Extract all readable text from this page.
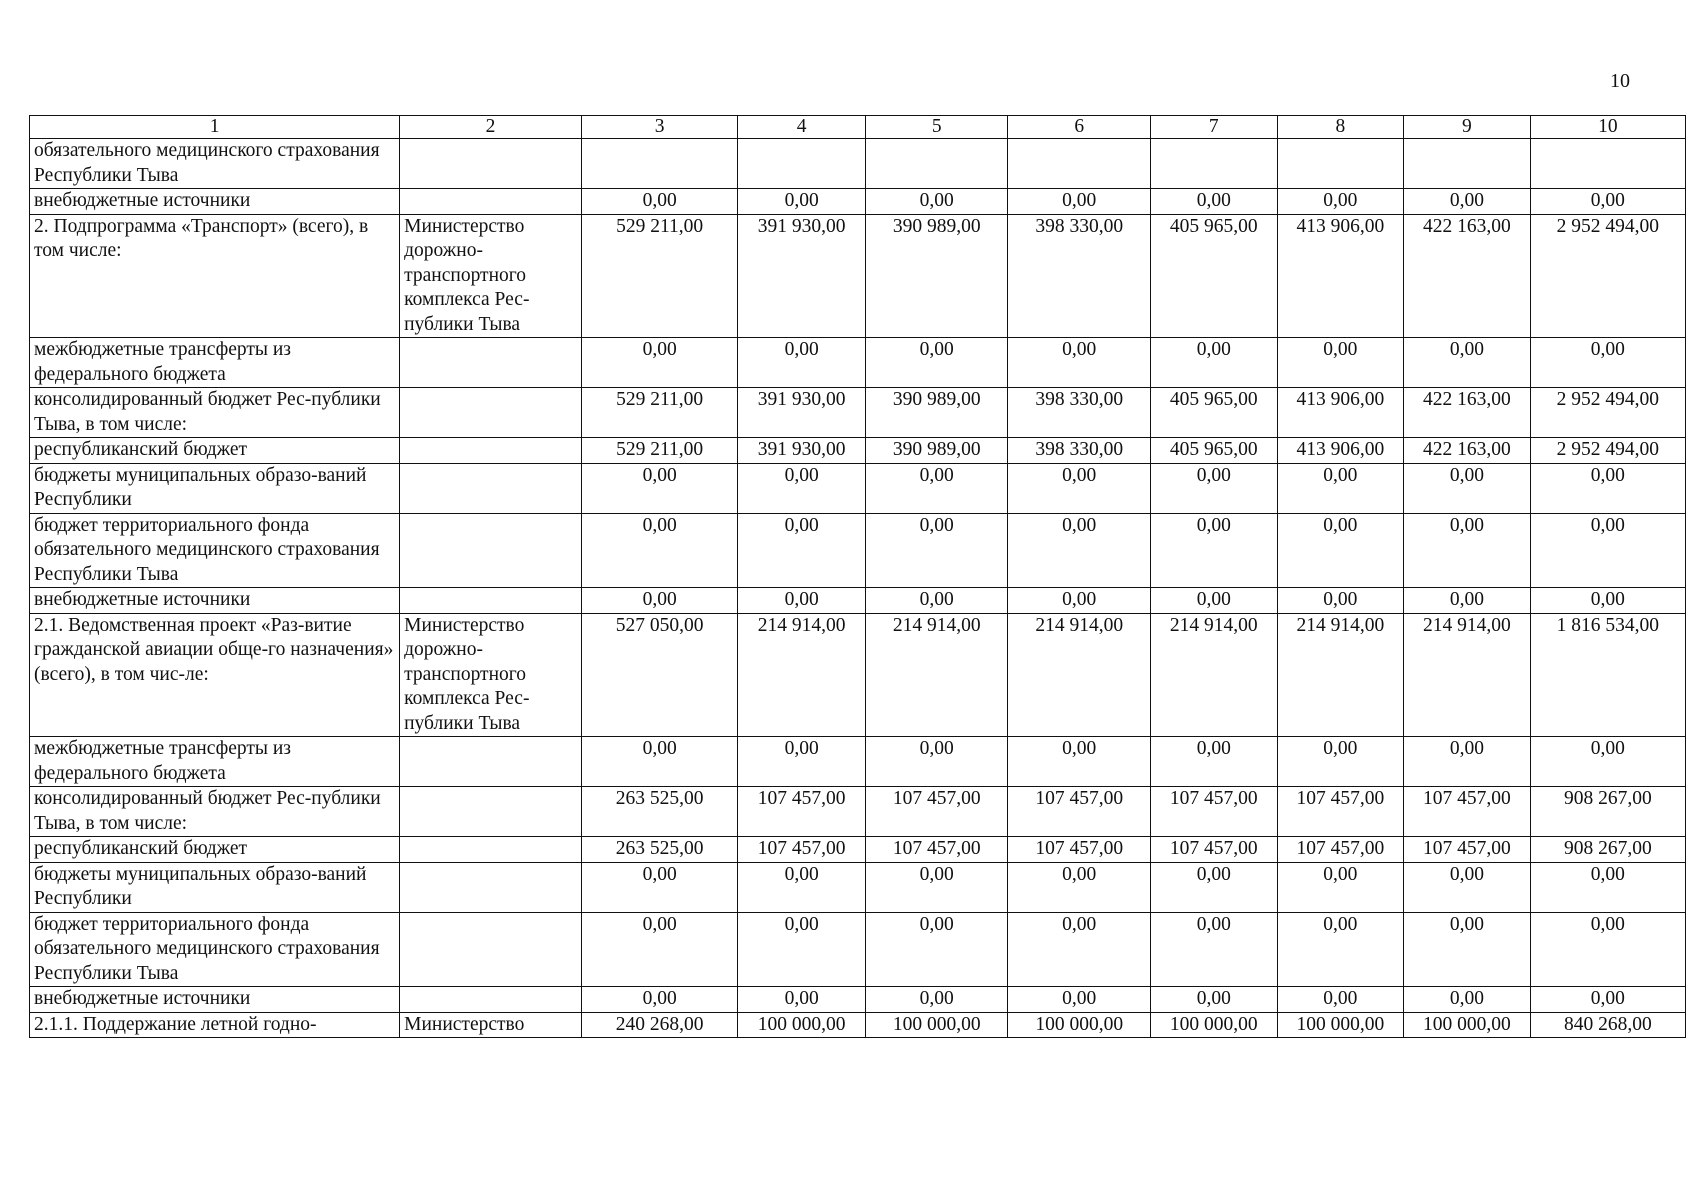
10
1	2	3	4	5	6	7	8	9	10
обязательного медицинского страхования Республики Тыва									
внебюджетные источники		0,00	0,00	0,00	0,00	0,00	0,00	0,00	0,00
2. Подпрограмма «Транспорт» (всего), в том числе:	Министерство дорожно-транспортного комплекса Рес-публики Тыва	529 211,00	391 930,00	390 989,00	398 330,00	405 965,00	413 906,00	422 163,00	2 952 494,00
межбюджетные трансферты из федерального бюджета		0,00	0,00	0,00	0,00	0,00	0,00	0,00	0,00
консолидированный бюджет Рес-публики Тыва, в том числе:		529 211,00	391 930,00	390 989,00	398 330,00	405 965,00	413 906,00	422 163,00	2 952 494,00
республиканский бюджет		529 211,00	391 930,00	390 989,00	398 330,00	405 965,00	413 906,00	422 163,00	2 952 494,00
бюджеты муниципальных образо-ваний Республики		0,00	0,00	0,00	0,00	0,00	0,00	0,00	0,00
бюджет территориального фонда обязательного медицинского страхования Республики Тыва		0,00	0,00	0,00	0,00	0,00	0,00	0,00	0,00
внебюджетные источники		0,00	0,00	0,00	0,00	0,00	0,00	0,00	0,00
2.1. Ведомственная проект «Раз-витие гражданской авиации обще-го назначения» (всего), в том чис-ле:	Министерство дорожно-транспортного комплекса Рес-публики Тыва	527 050,00	214 914,00	214 914,00	214 914,00	214 914,00	214 914,00	214 914,00	1 816 534,00
межбюджетные трансферты из федерального бюджета		0,00	0,00	0,00	0,00	0,00	0,00	0,00	0,00
консолидированный бюджет Рес-публики Тыва, в том числе:		263 525,00	107 457,00	107 457,00	107 457,00	107 457,00	107 457,00	107 457,00	908 267,00
республиканский бюджет		263 525,00	107 457,00	107 457,00	107 457,00	107 457,00	107 457,00	107 457,00	908 267,00
бюджеты муниципальных образо-ваний Республики		0,00	0,00	0,00	0,00	0,00	0,00	0,00	0,00
бюджет территориального фонда обязательного медицинского страхования Республики Тыва		0,00	0,00	0,00	0,00	0,00	0,00	0,00	0,00
внебюджетные источники		0,00	0,00	0,00	0,00	0,00	0,00	0,00	0,00
2.1.1. Поддержание летной годно-	Министерство	240 268,00	100 000,00	100 000,00	100 000,00	100 000,00	100 000,00	100 000,00	840 268,00
